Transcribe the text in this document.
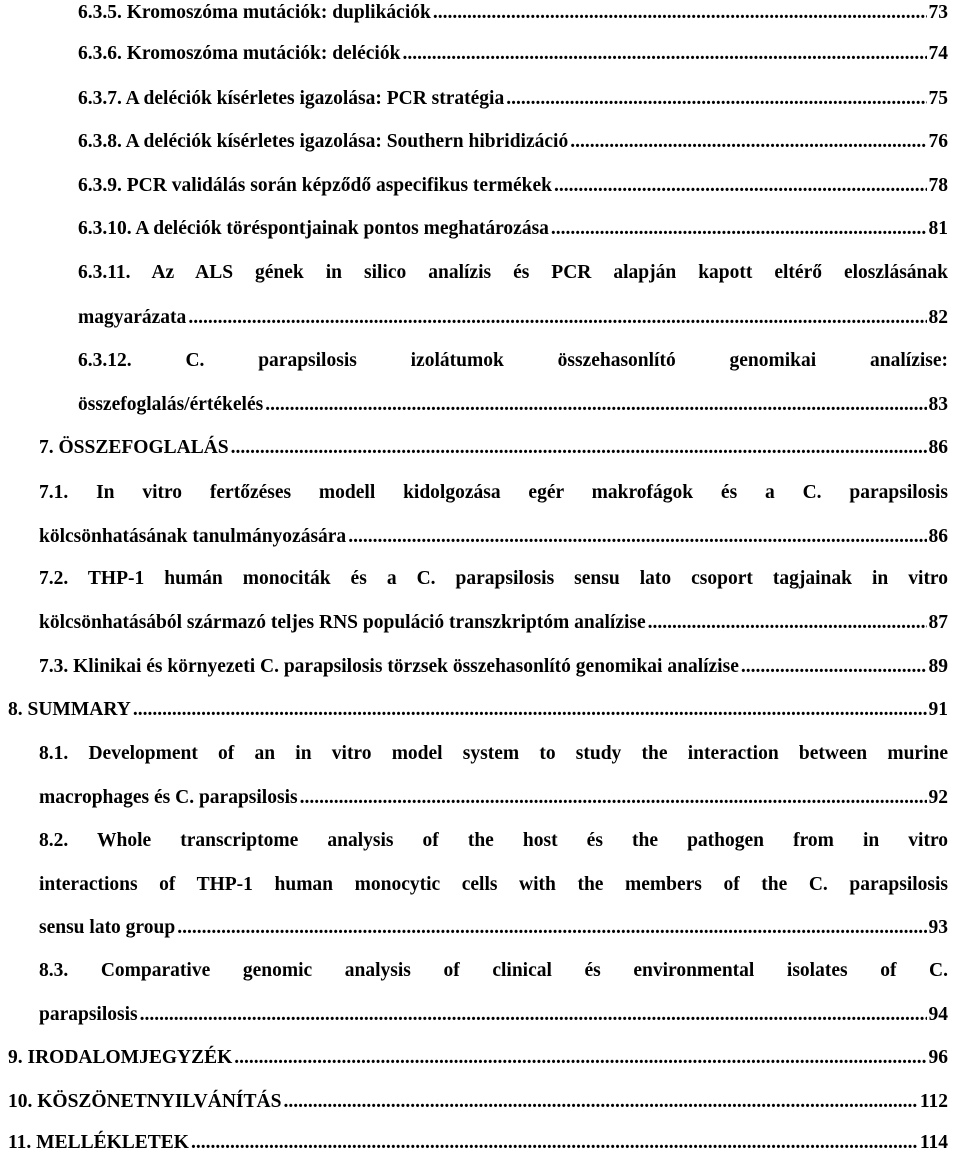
6.3.5. Kromoszóma mutációk: duplikációk .....	73
6.3.6. Kromoszóma mutációk: deléciók .....	74
6.3.7. A deléciók kísérletes igazolása: PCR stratégia .....	75
6.3.8. A deléciók kísérletes igazolása: Southern hibridizáció .....	76
6.3.9. PCR validálás során képződő aspecifikus termékek .....	78
6.3.10. A deléciók töréspontjainak pontos meghatározása .....	81
6.3.11. Az ALS gének in silico analízis és PCR alapján kapott eltérő eloszlásának
magyarázata .....	82
6.3.12. C. parapsilosis izolátumok összehasonlító genomikai analízise:
összefoglalás/értékelés .....	83
7. ÖSSZEFOGLALÁS .....	86
7.1. In vitro fertőzéses modell kidolgozása egér makrofágok és a C. parapsilosis
kölcsönhatásának tanulmányozására .....	86
7.2. THP-1 humán monociták és a C. parapsilosis sensu lato csoport tagjainak in vitro
kölcsönhatásából származó teljes RNS populáció transzkriptóm analízise .....	87
7.3. Klinikai és környezeti C. parapsilosis törzsek összehasonlító genomikai analízise .....	89
8. SUMMARY .....	91
8.1. Development of an in vitro model system to study the interaction between murine
macrophages és C. parapsilosis .....	92
8.2. Whole transcriptome analysis of the host és the pathogen from in vitro
interactions of THP-1 human monocytic cells with the members of the C. parapsilosis
sensu lato group .....	93
8.3. Comparative genomic analysis of clinical és environmental isolates of C.
parapsilosis .....	94
9. IRODALOMJEGYZÉK .....	96
10. KÖSZÖNETNYILVÁNÍTÁS .....	112
11. MELLÉKLETEK .....	114
